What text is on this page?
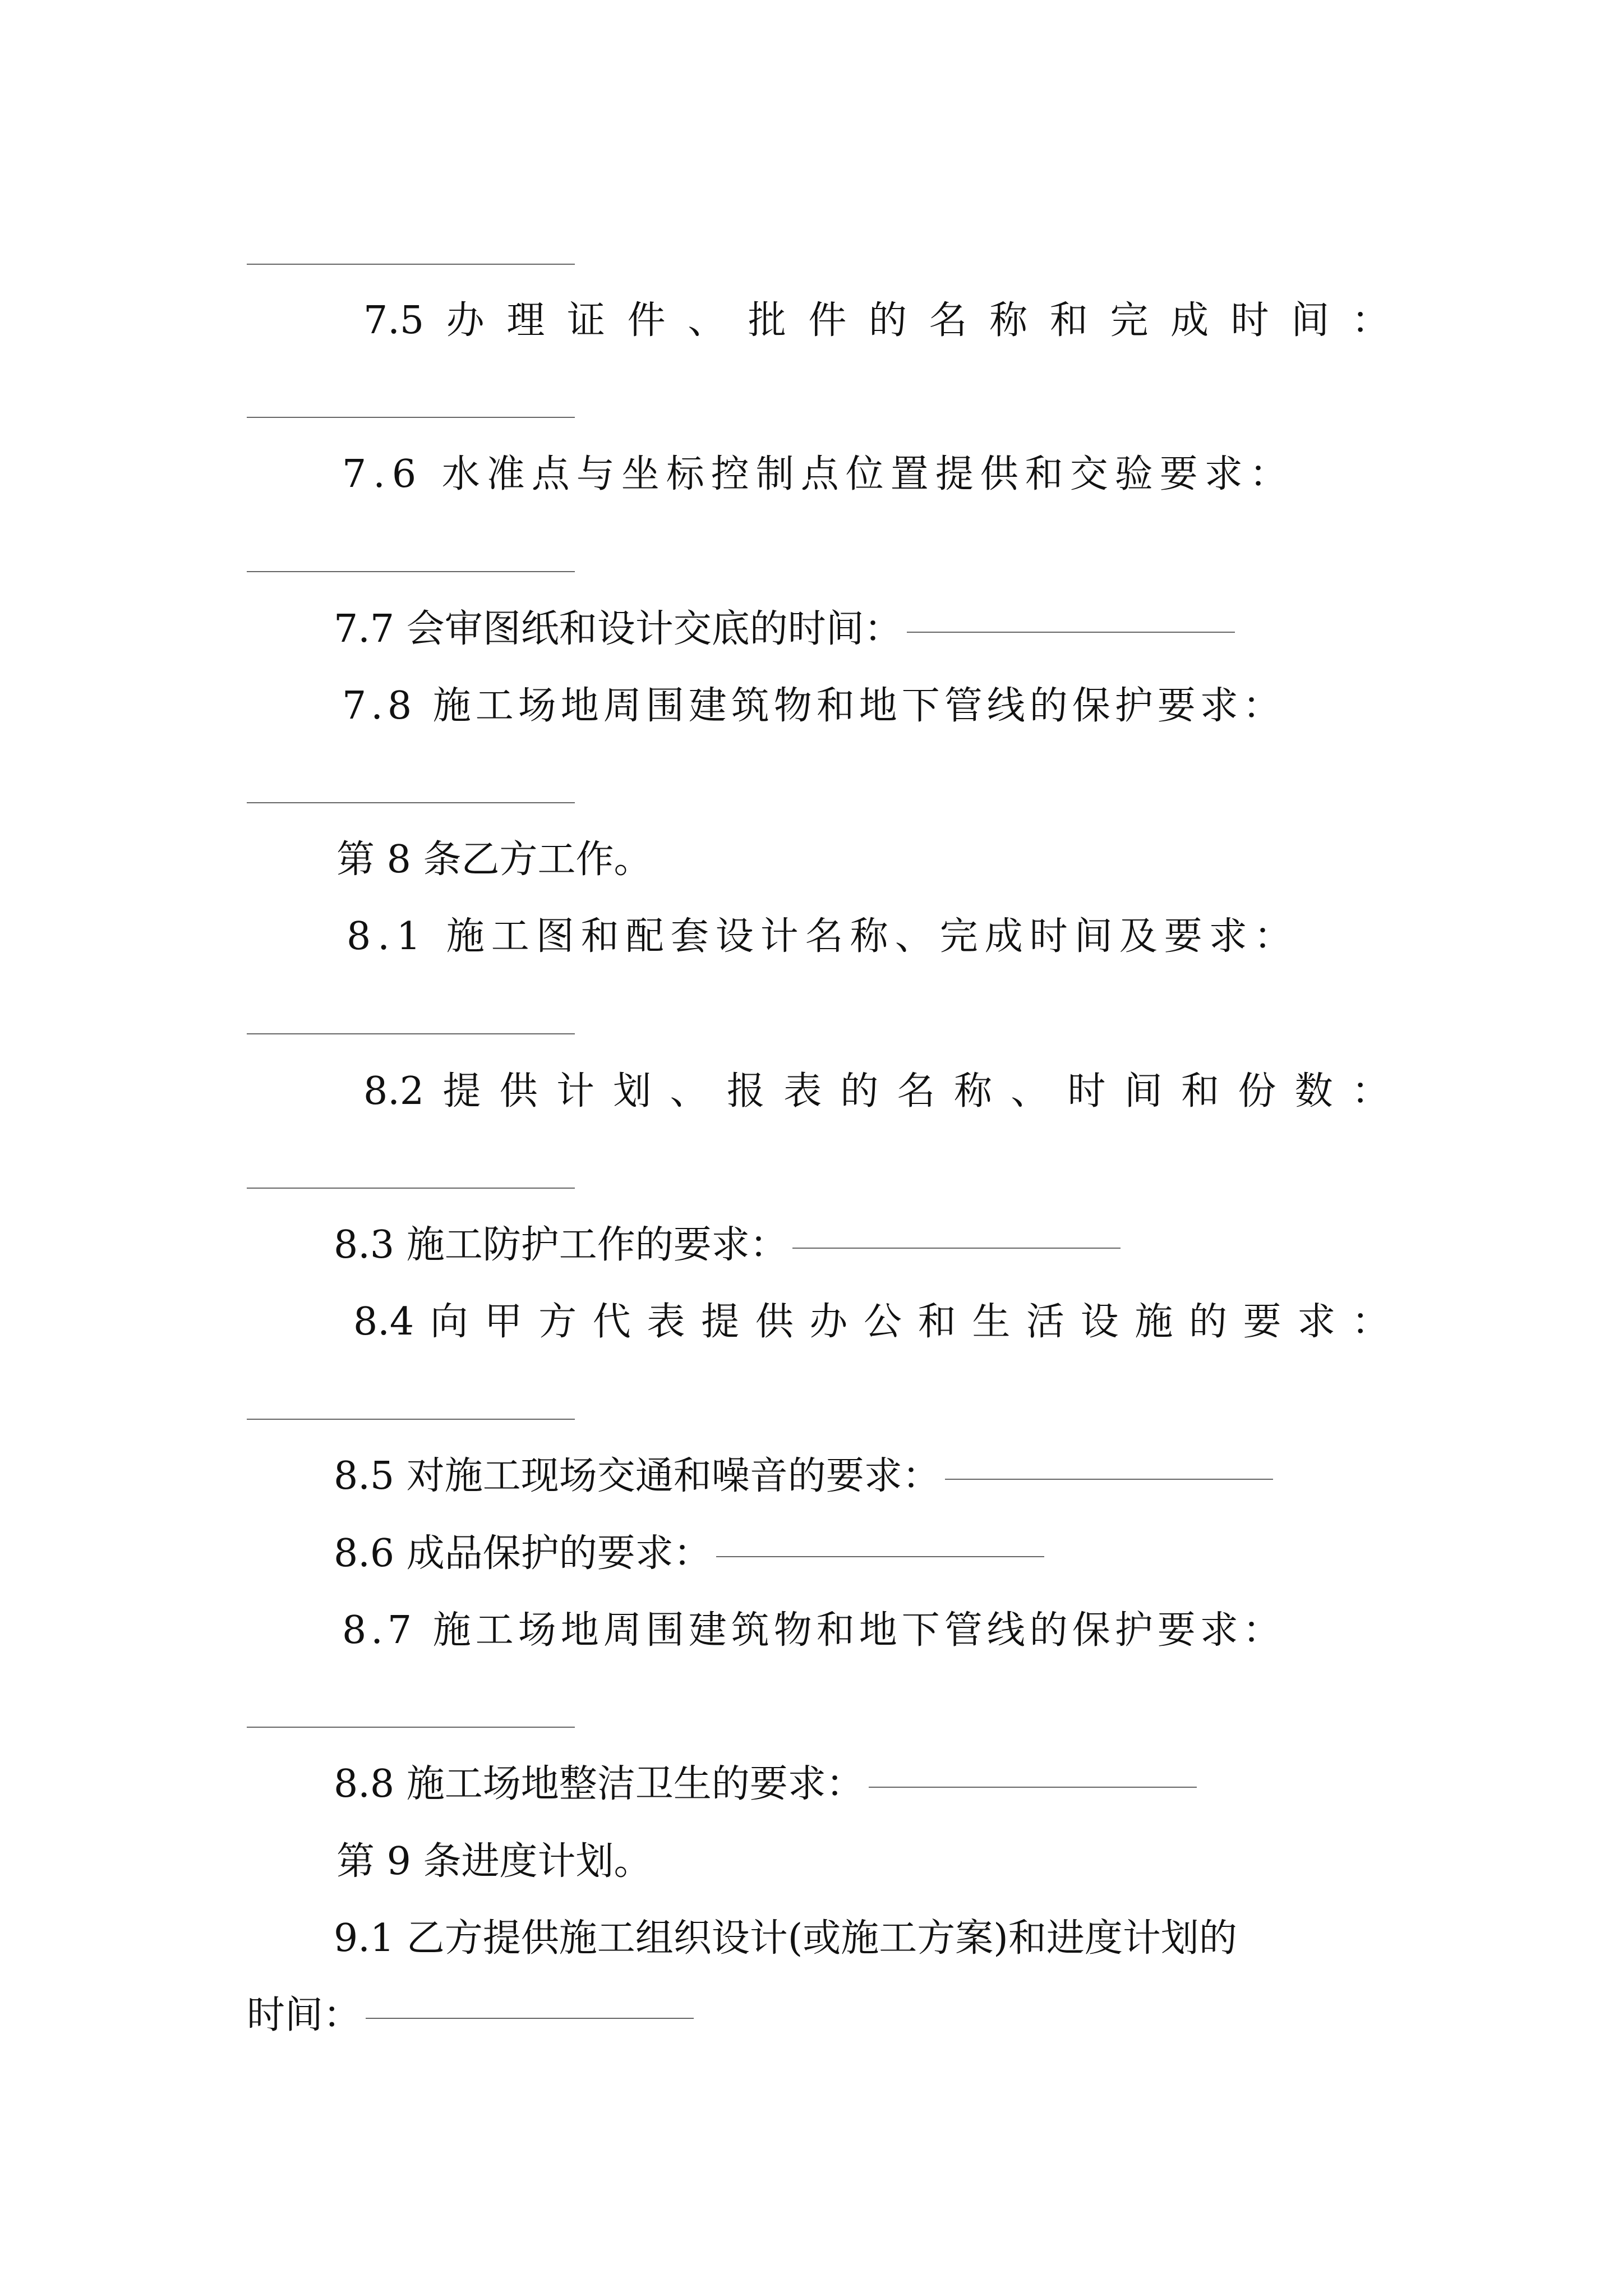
7.5 办 理 证 件 、 批 件 的 名 称 和 完 成 时 间 ：
7.6 水准点与坐标控制点位置提供和交验要求：
7.7 会审图纸和设计交底的时间：
7.8 施工场地周围建筑物和地下管线的保护要求：
第 8 条乙方工作。
8.1 施工图和配套设计名称、完成时间及要求：
8.2 提 供 计 划 、 报 表 的 名 称 、 时 间 和 份 数 ：
8.3 施工防护工作的要求：
8.4 向 甲 方 代 表 提 供 办 公 和 生 活 设 施 的 要 求 ：
8.5 对施工现场交通和噪音的要求：
8.6 成品保护的要求：
8.7 施工场地周围建筑物和地下管线的保护要求：
8.8 施工场地整洁卫生的要求：
第 9 条进度计划。
9.1 乙方提供施工组织设计(或施工方案)和进度计划的
时间：
